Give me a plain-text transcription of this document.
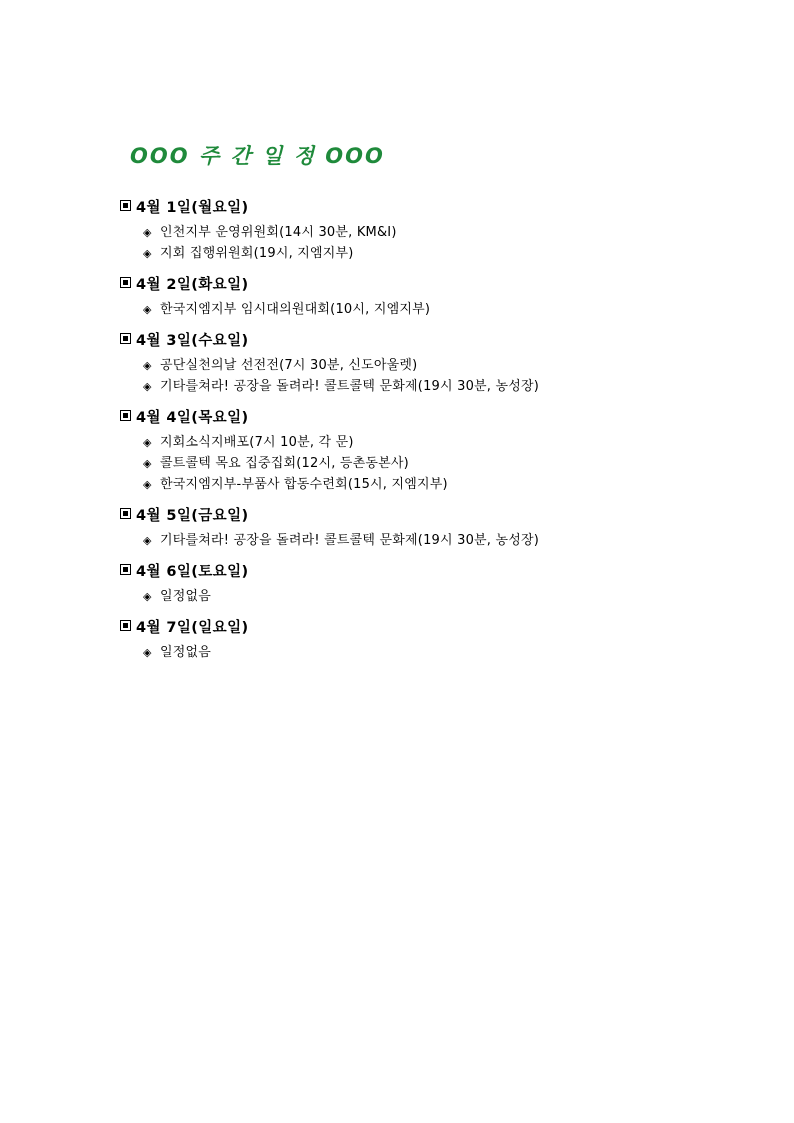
OOO 주 간 일 정 OOO
4월 1일(월요일)
◈ 인천지부 운영위원회(14시 30분, KM&I)
◈ 지회 집행위원회(19시, 지엠지부)
4월 2일(화요일)
◈ 한국지엠지부 임시대의원대회(10시, 지엠지부)
4월 3일(수요일)
◈ 공단실천의날 선전전(7시 30분, 신도아울렛)
◈ 기타를쳐라! 공장을 돌려라! 콜트콜텍 문화제(19시 30분, 농성장)
4월 4일(목요일)
◈ 지회소식지배포(7시 10분, 각 문)
◈ 콜트콜텍 목요 집중집회(12시, 등촌동본사)
◈ 한국지엠지부-부품사 합동수련회(15시, 지엠지부)
4월 5일(금요일)
◈ 기타를쳐라! 공장을 돌려라! 콜트콜텍 문화제(19시 30분, 농성장)
4월 6일(토요일)
◈ 일정없음
4월 7일(일요일)
◈ 일정없음
